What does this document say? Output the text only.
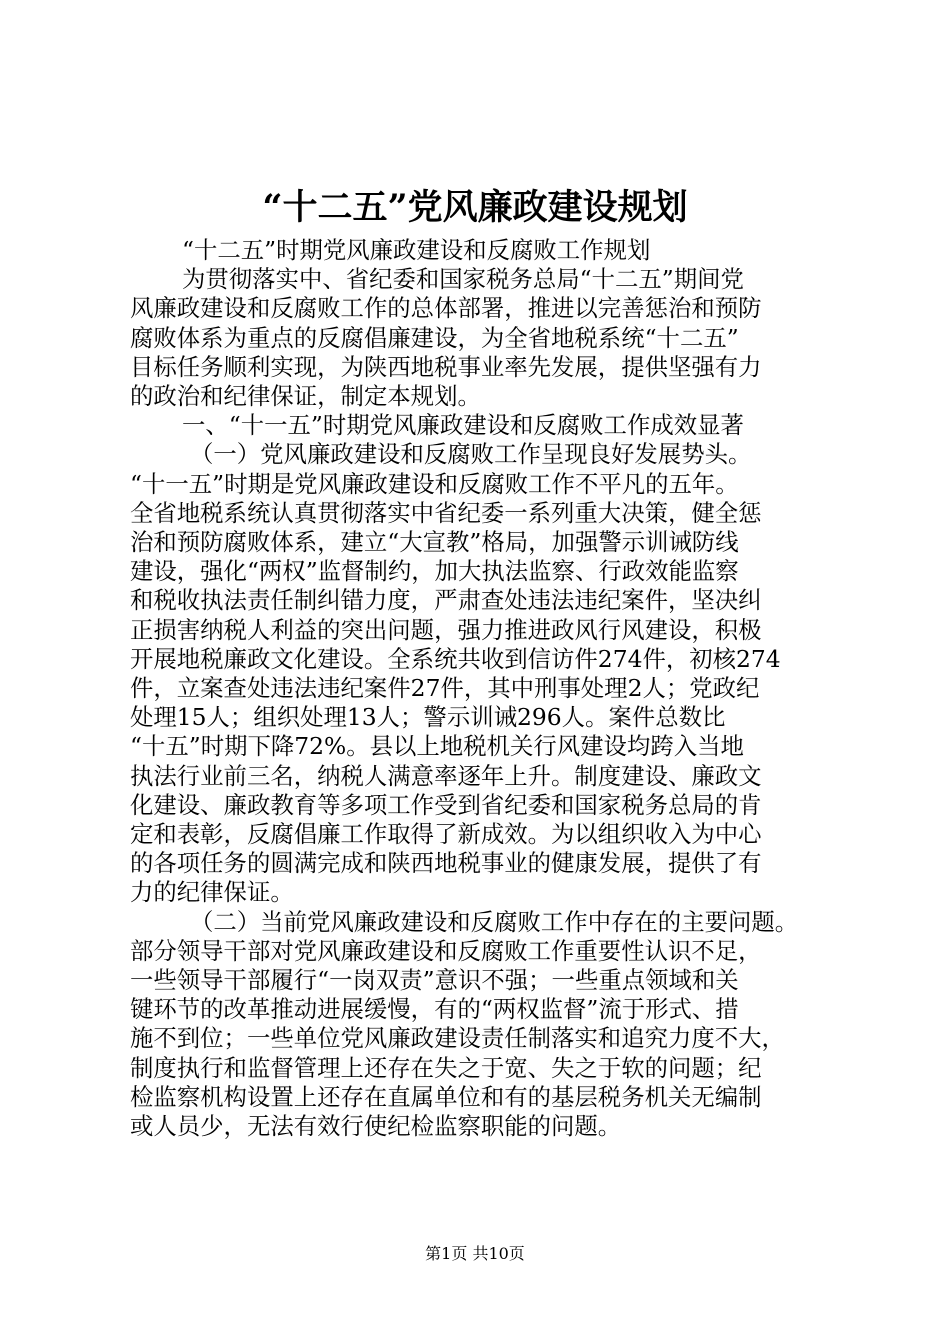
“十二五”党风廉政建设规划

“十二五”时期党风廉政建设和反腐败工作规划

为贯彻落实中、省纪委和国家税务总局“十二五”期间党

风廉政建设和反腐败工作的总体部署，推进以完善惩治和预防

腐败体系为重点的反腐倡廉建设，为全省地税系统“十二五”

目标任务顺利实现，为陕西地税事业率先发展，提供坚强有力

的政治和纪律保证，制定本规划。

一、“十一五”时期党风廉政建设和反腐败工作成效显著

（一）党风廉政建设和反腐败工作呈现良好发展势头。

“十一五”时期是党风廉政建设和反腐败工作不平凡的五年。

全省地税系统认真贯彻落实中省纪委一系列重大决策，健全惩

治和预防腐败体系，建立“大宣教”格局，加强警示训诫防线

建设，强化“两权”监督制约，加大执法监察、行政效能监察

和税收执法责任制纠错力度，严肃查处违法违纪案件，坚决纠

正损害纳税人利益的突出问题，强力推进政风行风建设，积极

开展地税廉政文化建设。全系统共收到信访件274件，初核274

件，立案查处违法违纪案件27件，其中刑事处理2人；党政纪

处理15人；组织处理13人；警示训诫296人。案件总数比

“十五”时期下降72%。县以上地税机关行风建设均跨入当地

执法行业前三名，纳税人满意率逐年上升。制度建设、廉政文

化建设、廉政教育等多项工作受到省纪委和国家税务总局的肯

定和表彰，反腐倡廉工作取得了新成效。为以组织收入为中心

的各项任务的圆满完成和陕西地税事业的健康发展，提供了有

力的纪律保证。

（二）当前党风廉政建设和反腐败工作中存在的主要问题。

部分领导干部对党风廉政建设和反腐败工作重要性认识不足，

一些领导干部履行“一岗双责”意识不强；一些重点领域和关

键环节的改革推动进展缓慢，有的“两权监督”流于形式、措

施不到位；一些单位党风廉政建设责任制落实和追究力度不大，

制度执行和监督管理上还存在失之于宽、失之于软的问题；纪

检监察机构设置上还存在直属单位和有的基层税务机关无编制

或人员少，无法有效行使纪检监察职能的问题。

第1页 共10页
